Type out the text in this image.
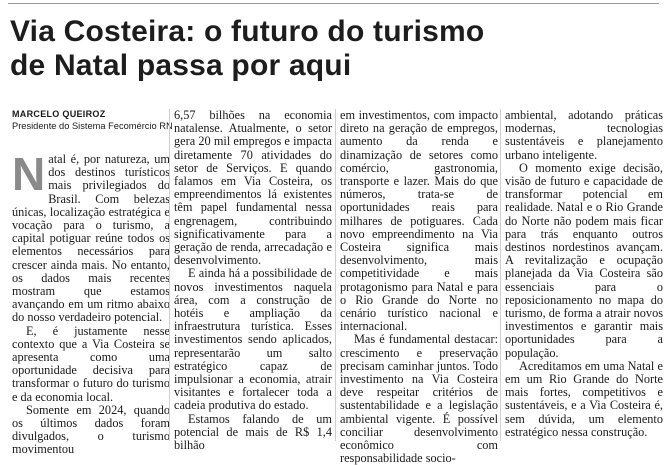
Via Costeira: o futuro do turismo
de Natal passa por aqui
MARCELO QUEIROZ
Presidente do Sistema Fecomércio RN

Natal é, por natureza, um dos destinos turísticos mais privilegiados do Brasil. Com belezas únicas, localização estratégica e vocação para o turismo, a capital potiguar reúne todos os elementos necessários para crescer ainda mais. No entanto, os dados mais recentes mostram que estamos avançando em um ritmo abaixo do nosso verdadeiro potencial.

E, é justamente nesse contexto que a Via Costeira se apresenta como uma oportunidade decisiva para transformar o futuro do turismo e da economia local.

Somente em 2024, quando os últimos dados foram divulgados, o turismo movimentou

6,57 bilhões na economia natalense. Atualmente, o setor gera 20 mil empregos e impacta diretamente 70 atividades do setor de Serviços. E quando falamos em Via Costeira, os empreendimentos lá existentes têm papel fundamental nessa engrenagem, contribuindo significativamente para a geração de renda, arrecadação e desenvolvimento.

E ainda há a possibilidade de novos investimentos naquela área, com a construção de hotéis e ampliação da infraestrutura turística. Esses investimentos sendo aplicados, representarão um salto estratégico capaz de impulsionar a economia, atrair visitantes e fortalecer toda a cadeia produtiva do estado.

Estamos falando de um potencial de mais de R$ 1,4 bilhão

em investimentos, com impacto direto na geração de empregos, aumento da renda e dinamização de setores como comércio, gastronomia, transporte e lazer. Mais do que números, trata-se de oportunidades reais para milhares de potiguares. Cada novo empreendimento na Via Costeira significa mais desenvolvimento, mais competitividade e mais protagonismo para Natal e para o Rio Grande do Norte no cenário turístico nacional e internacional.

Mas é fundamental destacar: crescimento e preservação precisam caminhar juntos. Todo investimento na Via Costeira deve respeitar critérios de sustentabilidade e a legislação ambiental vigente. É possível conciliar desenvolvimento econômico com responsabilidade socio-

ambiental, adotando práticas modernas, tecnologias sustentáveis e planejamento urbano inteligente.

O momento exige decisão, visão de futuro e capacidade de transformar potencial em realidade. Natal e o Rio Grande do Norte não podem mais ficar para trás enquanto outros destinos nordestinos avançam. A revitalização e ocupação planejada da Via Costeira são essenciais para o reposicionamento no mapa do turismo, de forma a atrair novos investimentos e garantir mais oportunidades para a população.

Acreditamos em uma Natal e em um Rio Grande do Norte mais fortes, competitivos e sustentáveis, e a Via Costeira é, sem dúvida, um elemento estratégico nessa construção.
